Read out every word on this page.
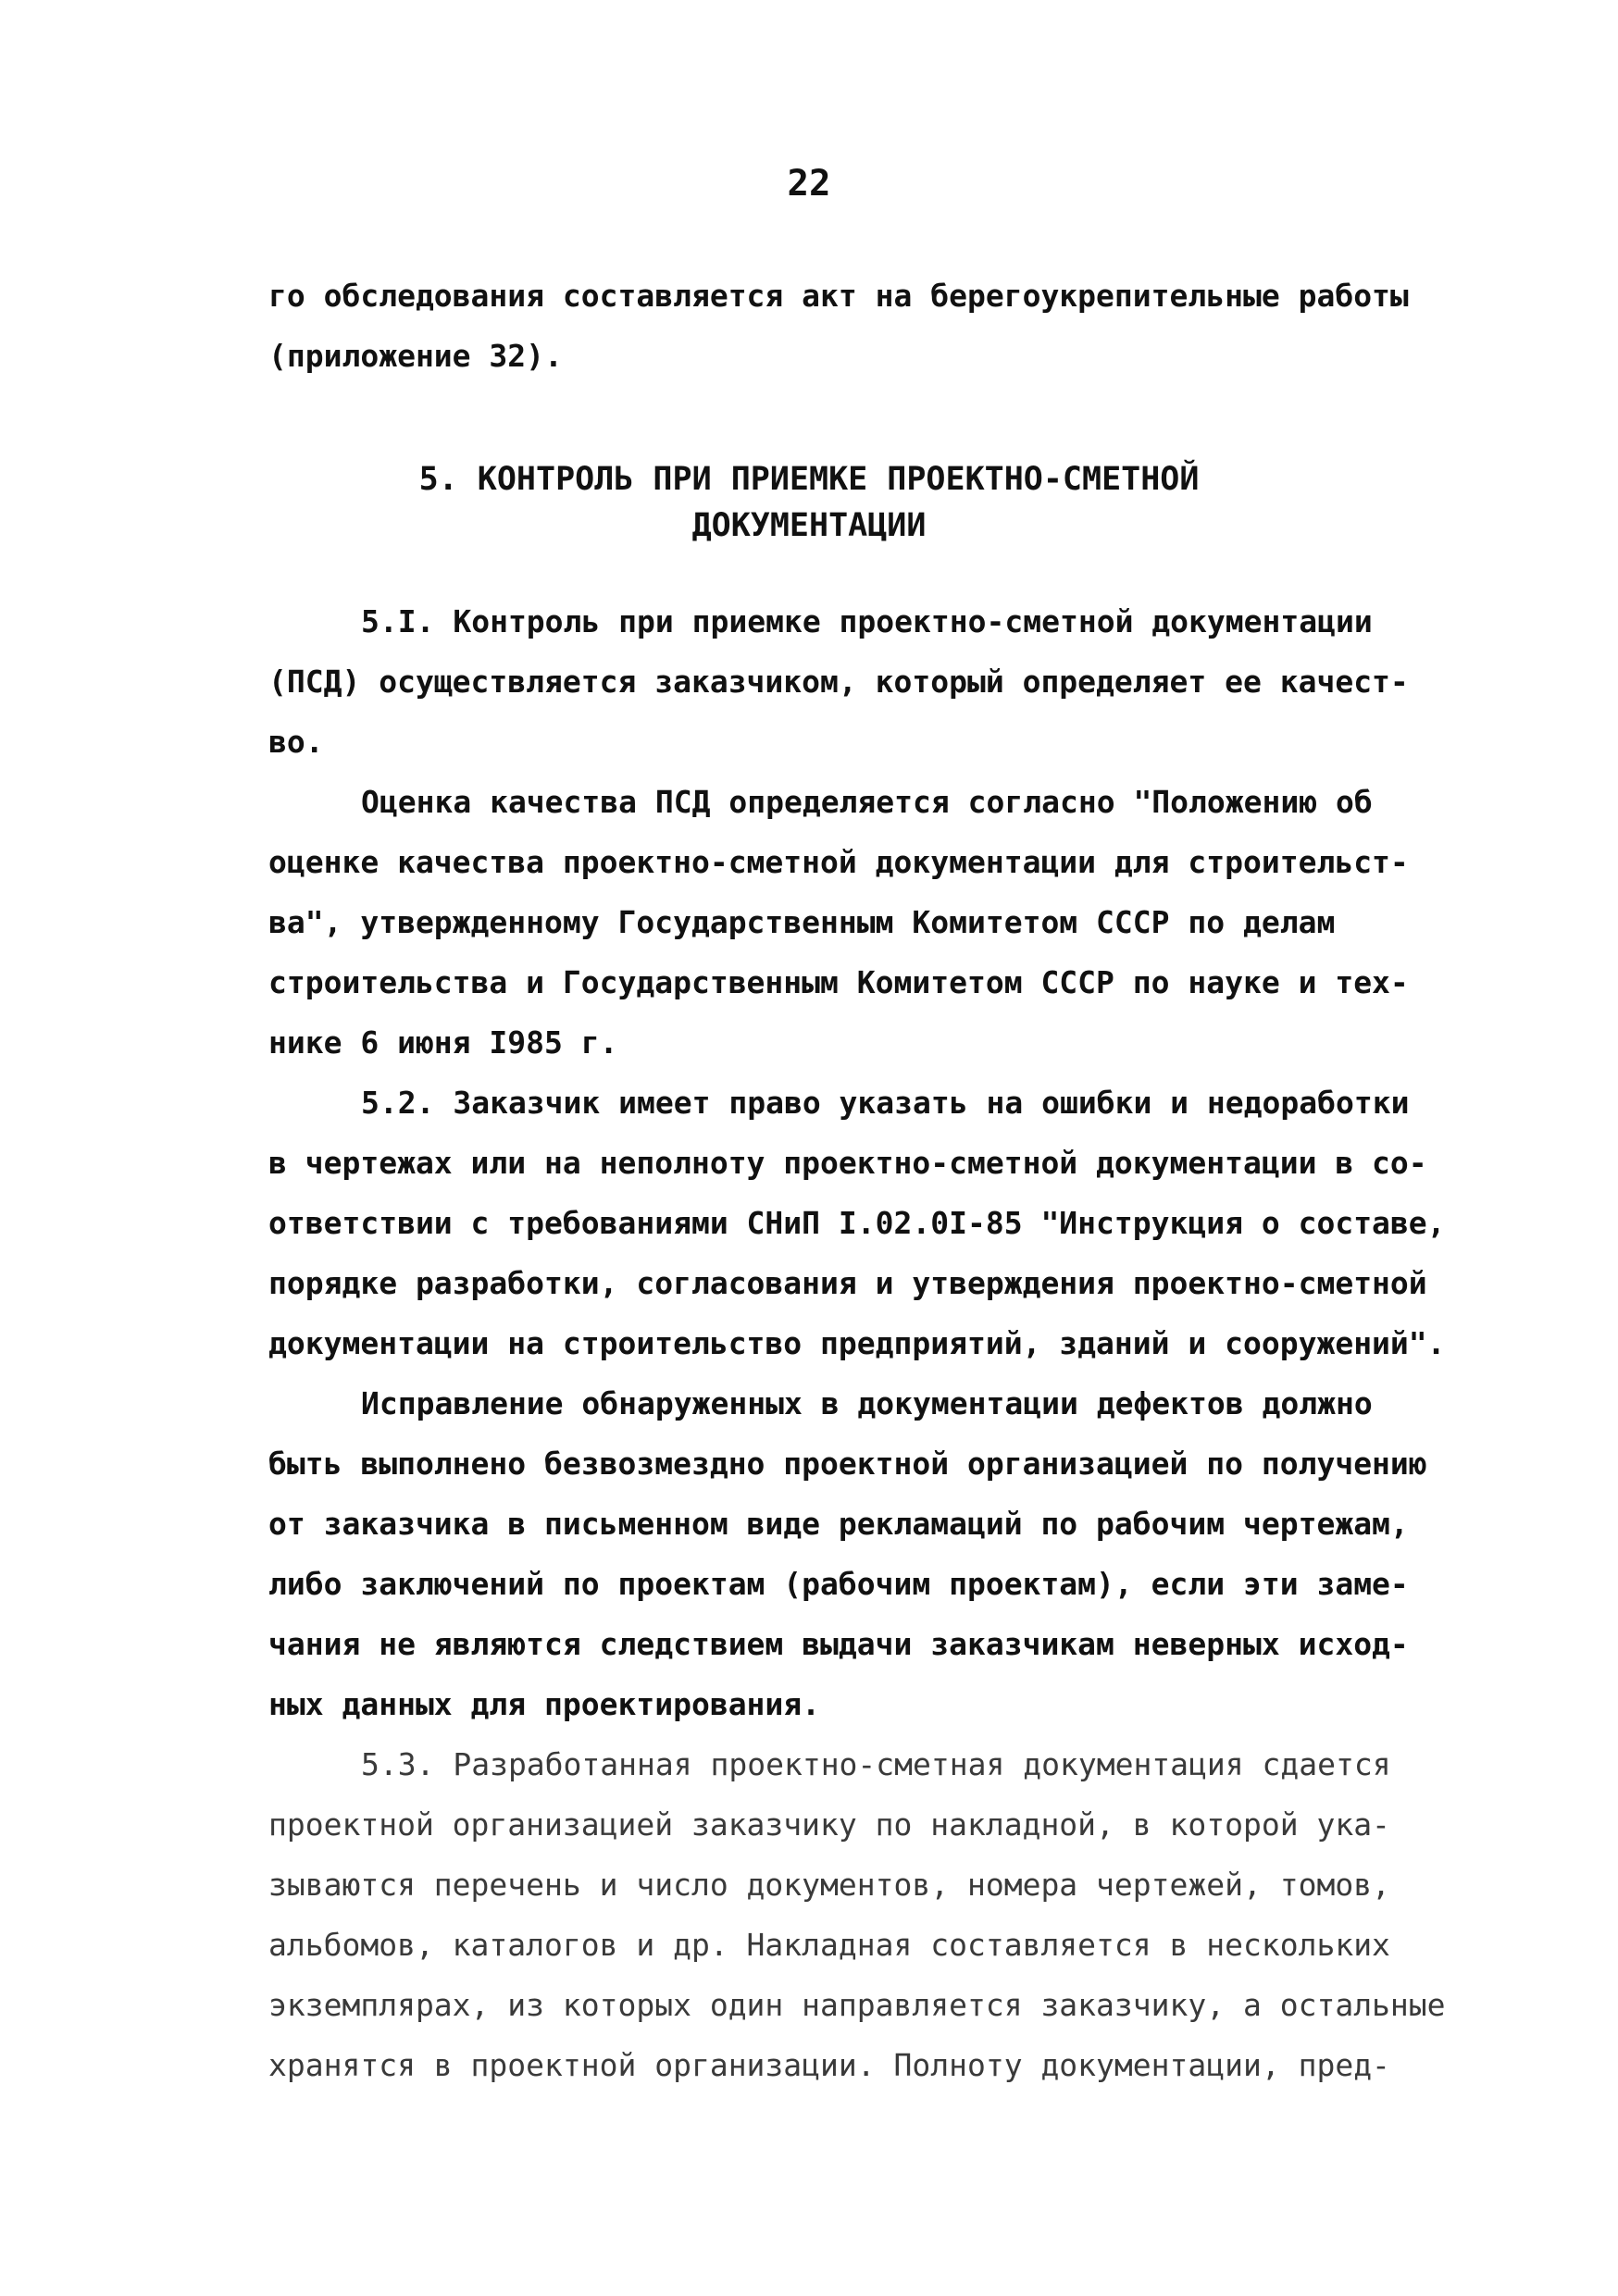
22
го обследования составляется акт на берегоукрепительные работы
(приложение 32).
5. КОНТРОЛЬ ПРИ ПРИЕМКЕ ПРОЕКТНО-СМЕТНОЙ
ДОКУМЕНТАЦИИ
5.I. Контроль при приемке проектно-сметной документации
(ПСД) осуществляется заказчиком, который определяет ее качест-
во.
Оценка качества ПСД определяется согласно "Положению об
оценке качества проектно-сметной документации для строительст-
ва", утвержденному Государственным Комитетом СССР по делам
строительства и Государственным Комитетом СССР по науке и тех-
нике 6 июня I985 г.
5.2. Заказчик имеет право указать на ошибки и недоработки
в чертежах или на неполноту проектно-сметной документации в со-
ответствии с требованиями СНиП I.02.0I-85 "Инструкция о составе,
порядке разработки, согласования и утверждения проектно-сметной
документации на строительство предприятий, зданий и сооружений".
Исправление обнаруженных в документации дефектов должно
быть выполнено безвозмездно проектной организацией по получению
от заказчика в письменном виде рекламаций по рабочим чертежам,
либо заключений по проектам (рабочим проектам), если эти заме-
чания не являются следствием выдачи заказчикам неверных исход-
ных данных для проектирования.
5.3. Разработанная проектно-сметная документация сдается
проектной организацией заказчику по накладной, в которой ука-
зываются перечень и число документов, номера чертежей, томов,
альбомов, каталогов и др. Накладная составляется в нескольких
экземплярах, из которых один направляется заказчику, а остальные
хранятся в проектной организации. Полноту документации, пред-
